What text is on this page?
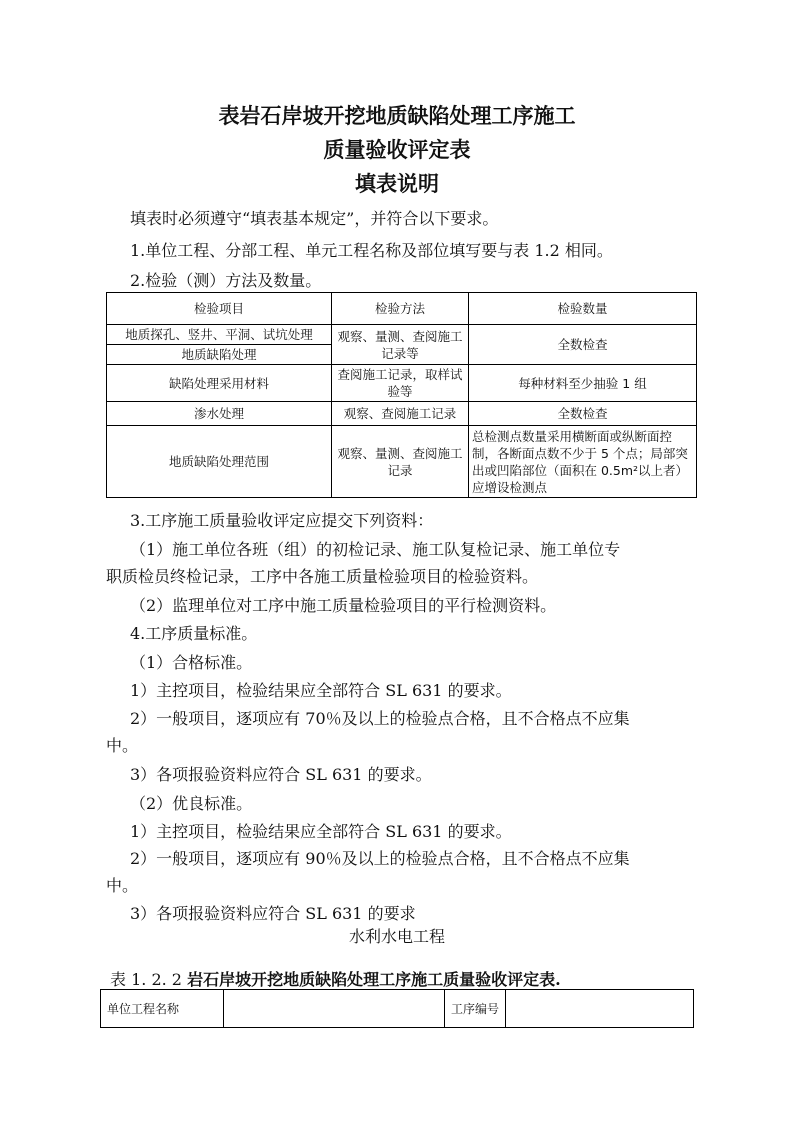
表岩石岸坡开挖地质缺陷处理工序施工
质量验收评定表
填表说明
填表时必须遵守“填表基本规定”，并符合以下要求。
1.单位工程、分部工程、单元工程名称及部位填写要与表 1.2 相同。
2.检验（测）方法及数量。
检验项目	检验方法	检验数量
地质探孔、竖井、平洞、试坑处理	观察、量测、查阅施工记录等	全数检查
地质缺陷处理		
缺陷处理采用材料	查阅施工记录，取样试验等	每种材料至少抽验 1 组
渗水处理	观察、查阅施工记录	全数检查
地质缺陷处理范围	观察、量测、查阅施工记录	总检测点数量采用横断面或纵断面控制，各断面点数不少于 5 个点；局部突出或凹陷部位（面积在 0.5m²以上者）应增设检测点
3.工序施工质量验收评定应提交下列资料：
（1）施工单位各班（组）的初检记录、施工队复检记录、施工单位专
职质检员终检记录，工序中各施工质量检验项目的检验资料。
（2）监理单位对工序中施工质量检验项目的平行检测资料。
4.工序质量标准。
（1）合格标准。
1）主控项目，检验结果应全部符合 SL 631 的要求。
2）一般项目，逐项应有 70％及以上的检验点合格，且不合格点不应集
中。
3）各项报验资料应符合 SL 631 的要求。
（2）优良标准。
1）主控项目，检验结果应全部符合 SL 631 的要求。
2）一般项目，逐项应有 90％及以上的检验点合格，且不合格点不应集
中。
3）各项报验资料应符合 SL 631 的要求
水利水电工程
表 1. 2. 2 岩石岸坡开挖地质缺陷处理工序施工质量验收评定表.
单位工程名称		工序编号	
